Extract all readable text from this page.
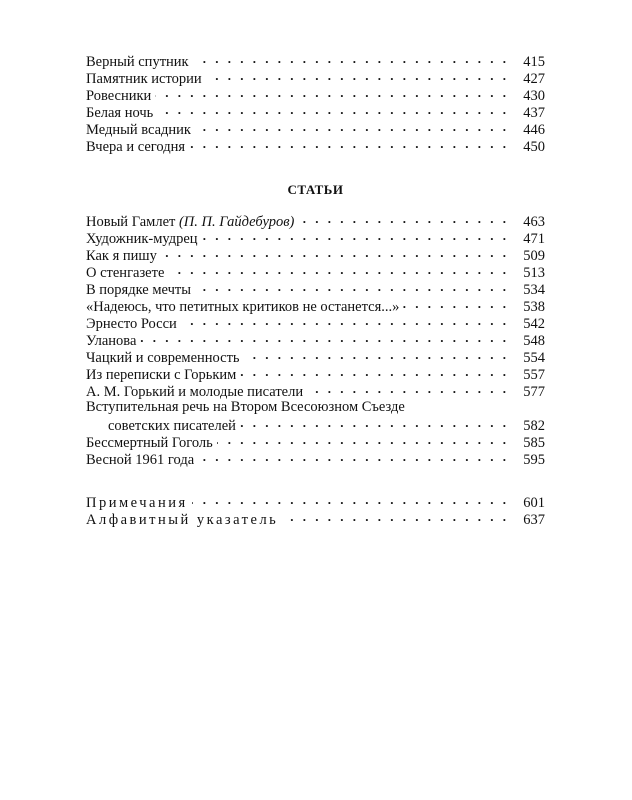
Верный спутник . . .	415
Памятник истории . . .	427
Ровесники . . .	430
Белая ночь . . .	437
Медный всадник . . .	446
Вчера и сегодня . . .	450
СТАТЬИ
Новый Гамлет (П. П. Гайдебуров) . . .	463
Художник-мудрец . . .	471
Как я пишу . . .	509
О стенгазете . . .	513
В порядке мечты . . .	534
«Надеюсь, что петитных критиков не останется...» . . .	538
Эрнесто Росси . . .	542
Уланова . . .	548
Чацкий и современность . . .	554
Из переписки с Горьким . . .	557
А. М. Горький и молодые писатели . . .	577
Вступительная речь на Втором Всесоюзном Съезде
советских писателей . . .	582
Бессмертный Гоголь . . .	585
Весной 1961 года . . .	595
Примечания . . .	601
Алфавитный указатель . . .	637
